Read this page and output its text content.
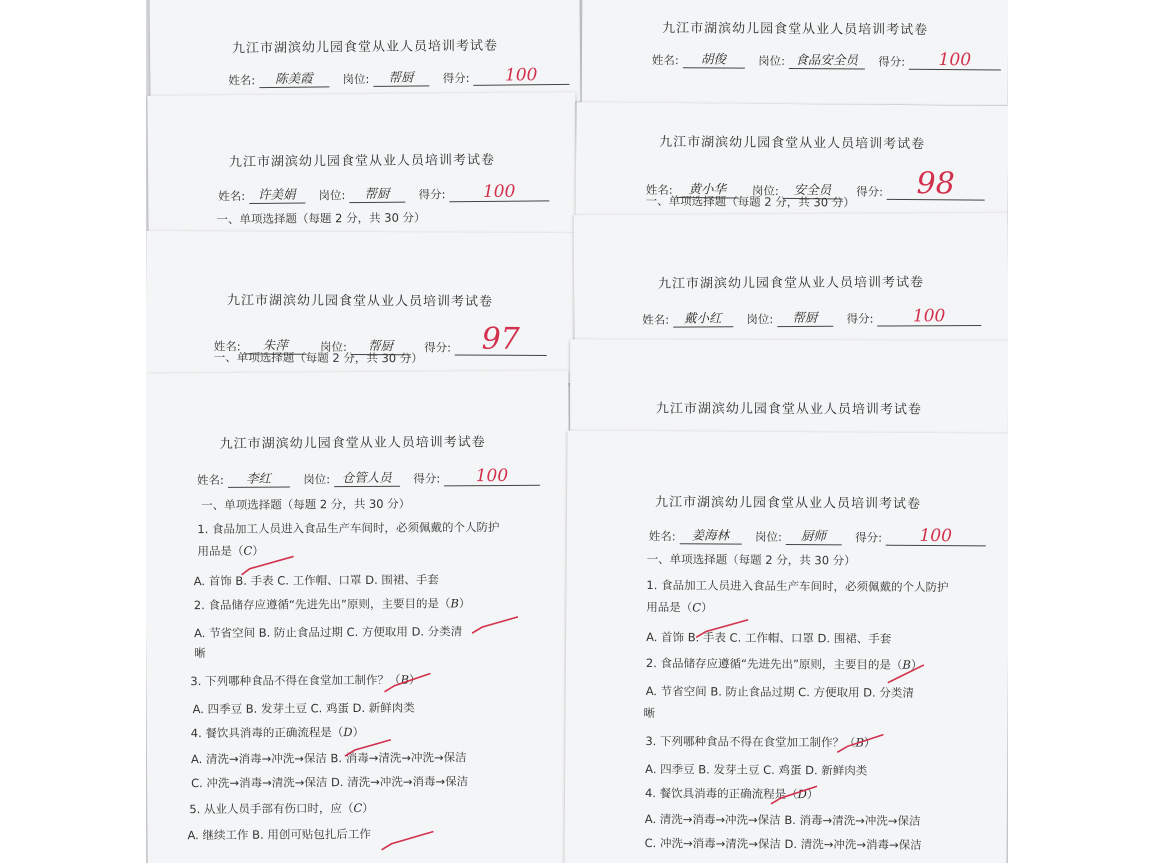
九江市湖滨幼儿园食堂从业人员培训考试卷
姓名: 陈美霞	岗位: 帮厨	得分: 100
九江市湖滨幼儿园食堂从业人员培训考试卷
姓名: 胡俊	岗位: 食品安全员 得分: 100
九江市湖滨幼儿园食堂从业人员培训考试卷
姓名: 许美娟 岗位: 帮厨	得分: 100
一、单项选择题（每题 2 分，共 30 分）
九江市湖滨幼儿园食堂从业人员培训考试卷
姓名: 黄小华 岗位: 安全员 得分: 98
一、单项选择题（每题 2 分，共 30 分）
九江市湖滨幼儿园食堂从业人员培训考试卷
姓名: 朱萍	岗位: 帮厨	得分: 97
一、单项选择题（每题 2 分，共 30 分）
九江市湖滨幼儿园食堂从业人员培训考试卷
姓名: 戴小红 岗位: 帮厨	得分: 100
九江市湖滨幼儿园食堂从业人员培训考试卷
九江市湖滨幼儿园食堂从业人员培训考试卷
姓名: 李红	岗位: 仓管人员 得分: 100
一、单项选择题（每题 2 分，共 30 分）
1. 食品加工人员进入食品生产车间时，必须佩戴的个人防护
用品是（C）
A. 首饰 B. 手表 C. 工作帽、口罩 D. 围裙、手套
2. 食品储存应遵循“先进先出”原则，主要目的是（B）
A. 节省空间 B. 防止食品过期 C. 方便取用 D. 分类清
晰
3. 下列哪种食品不得在食堂加工制作？（B）
A. 四季豆 B. 发芽土豆 C. 鸡蛋 D. 新鲜肉类
4. 餐饮具消毒的正确流程是（D）
A. 清洗→消毒→冲洗→保洁 B. 消毒→清洗→冲洗→保洁
C. 冲洗→消毒→清洗→保洁 D. 清洗→冲洗→消毒→保洁
5. 从业人员手部有伤口时，应（C）
A. 继续工作 B. 用创可贴包扎后工作
九江市湖滨幼儿园食堂从业人员培训考试卷
姓名: 姜海林 岗位: 厨师	得分: 100
一、单项选择题（每题 2 分，共 30 分）
1. 食品加工人员进入食品生产车间时，必须佩戴的个人防护
用品是（C）
A. 首饰 B. 手表 C. 工作帽、口罩 D. 围裙、手套
2. 食品储存应遵循“先进先出”原则，主要目的是（B）
A. 节省空间 B. 防止食品过期 C. 方便取用 D. 分类清
晰
3. 下列哪种食品不得在食堂加工制作？（B）
A. 四季豆 B. 发芽土豆 C. 鸡蛋 D. 新鲜肉类
4. 餐饮具消毒的正确流程是（D）
A. 清洗→消毒→冲洗→保洁 B. 消毒→清洗→冲洗→保洁
C. 冲洗→消毒→清洗→保洁 D. 清洗→冲洗→消毒→保洁
